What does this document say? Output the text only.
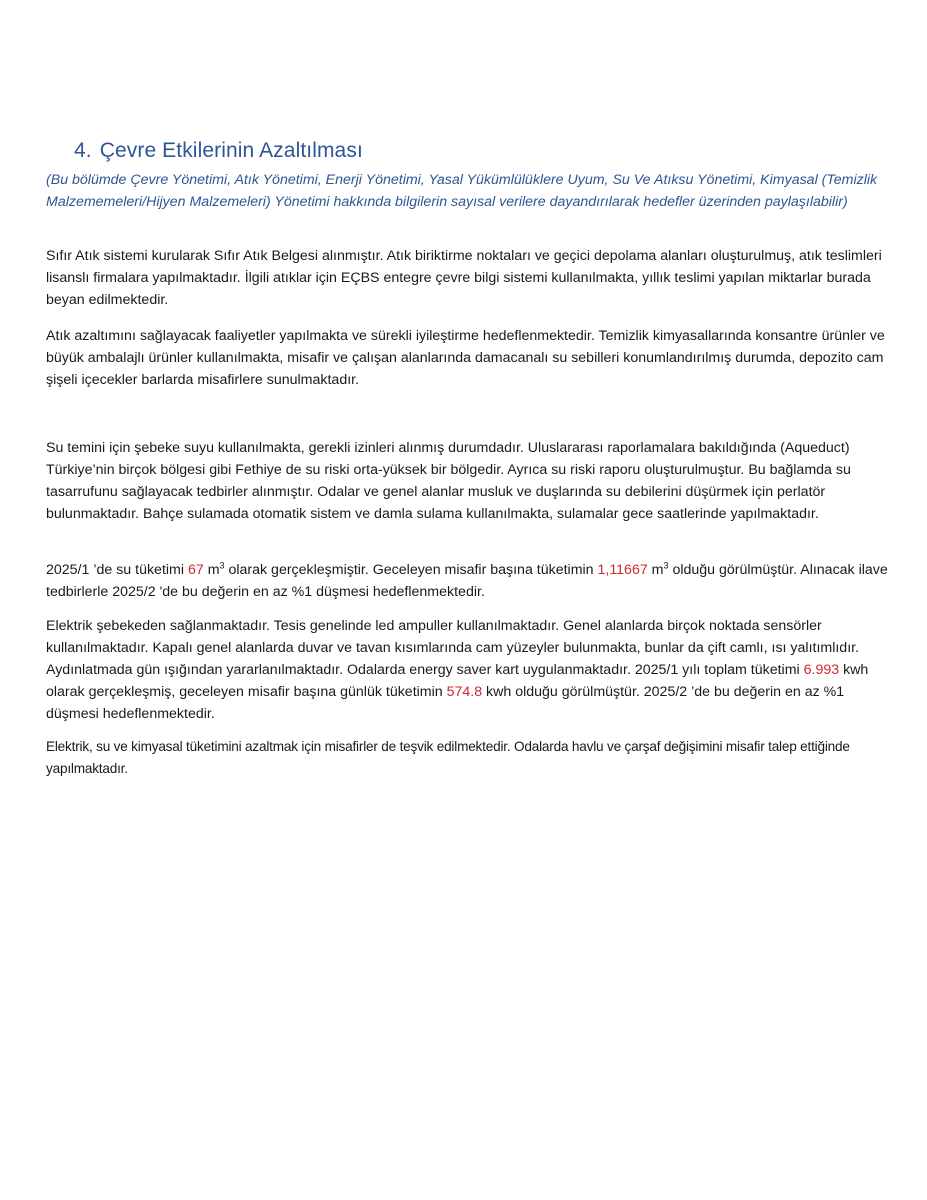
4. Çevre Etkilerinin Azaltılması

(Bu bölümde Çevre Yönetimi, Atık Yönetimi, Enerji Yönetimi, Yasal Yükümlülüklere Uyum, Su Ve Atıksu Yönetimi, Kimyasal (Temizlik Malzememeleri/Hijyen Malzemeleri) Yönetimi hakkında bilgilerin sayısal verilere dayandırılarak hedefler üzerinden paylaşılabilir)

Sıfır Atık sistemi kurularak Sıfır Atık Belgesi alınmıştır. Atık biriktirme noktaları ve geçici depolama alanları oluşturulmuş, atık teslimleri lisanslı firmalara yapılmaktadır. İlgili atıklar için EÇBS entegre çevre bilgi sistemi kullanılmakta, yıllık teslimi yapılan miktarlar burada beyan edilmektedir.

Atık azaltımını sağlayacak faaliyetler yapılmakta ve sürekli iyileştirme hedeflenmektedir. Temizlik kimyasallarında konsantre ürünler ve büyük ambalajlı ürünler kullanılmakta, misafir ve çalışan alanlarında damacanalı su sebilleri konumlandırılmış durumda, depozito cam şişeli içecekler barlarda misafirlere sunulmaktadır.

Su temini için şebeke suyu kullanılmakta, gerekli izinleri alınmış durumdadır. Uluslararası raporlamalara bakıldığında (Aqueduct) Türkiye’nin birçok bölgesi gibi Fethiye de su riski orta-yüksek bir bölgedir. Ayrıca su riski raporu oluşturulmuştur. Bu bağlamda su tasarrufunu sağlayacak tedbirler alınmıştır. Odalar ve genel alanlar musluk ve duşlarında su debilerini düşürmek için perlatör bulunmaktadır. Bahçe sulamada otomatik sistem ve damla sulama kullanılmakta, sulamalar gece saatlerinde yapılmaktadır.

2025/1 ’de su tüketimi 67 $m^3$ olarak gerçekleşmiştir. Geceleyen misafir başına tüketimin 1,11667 $m^3$ olduğu görülmüştür. Alınacak ilave tedbirlerle 2025/2 'de bu değerin en az %1 düşmesi hedeflenmektedir.

Elektrik şebekeden sağlanmaktadır. Tesis genelinde led ampuller kullanılmaktadır. Genel alanlarda birçok noktada sensörler kullanılmaktadır. Kapalı genel alanlarda duvar ve tavan kısımlarında cam yüzeyler bulunmakta, bunlar da çift camlı, ısı yalıtımlıdır. Aydınlatmada gün ışığından yararlanılmaktadır. Odalarda energy saver kart uygulanmaktadır. 2025/1 yılı toplam tüketimi 6.993 kwh olarak gerçekleşmiş, geceleyen misafir başına günlük tüketimin 574.8 kwh olduğu görülmüştür. 2025/2 ’de bu değerin en az %1 düşmesi hedeflenmektedir.

Elektrik, su ve kimyasal tüketimini azaltmak için misafirler de teşvik edilmektedir. Odalarda havlu ve çarşaf değişimini misafir talep ettiğinde yapılmaktadır.
